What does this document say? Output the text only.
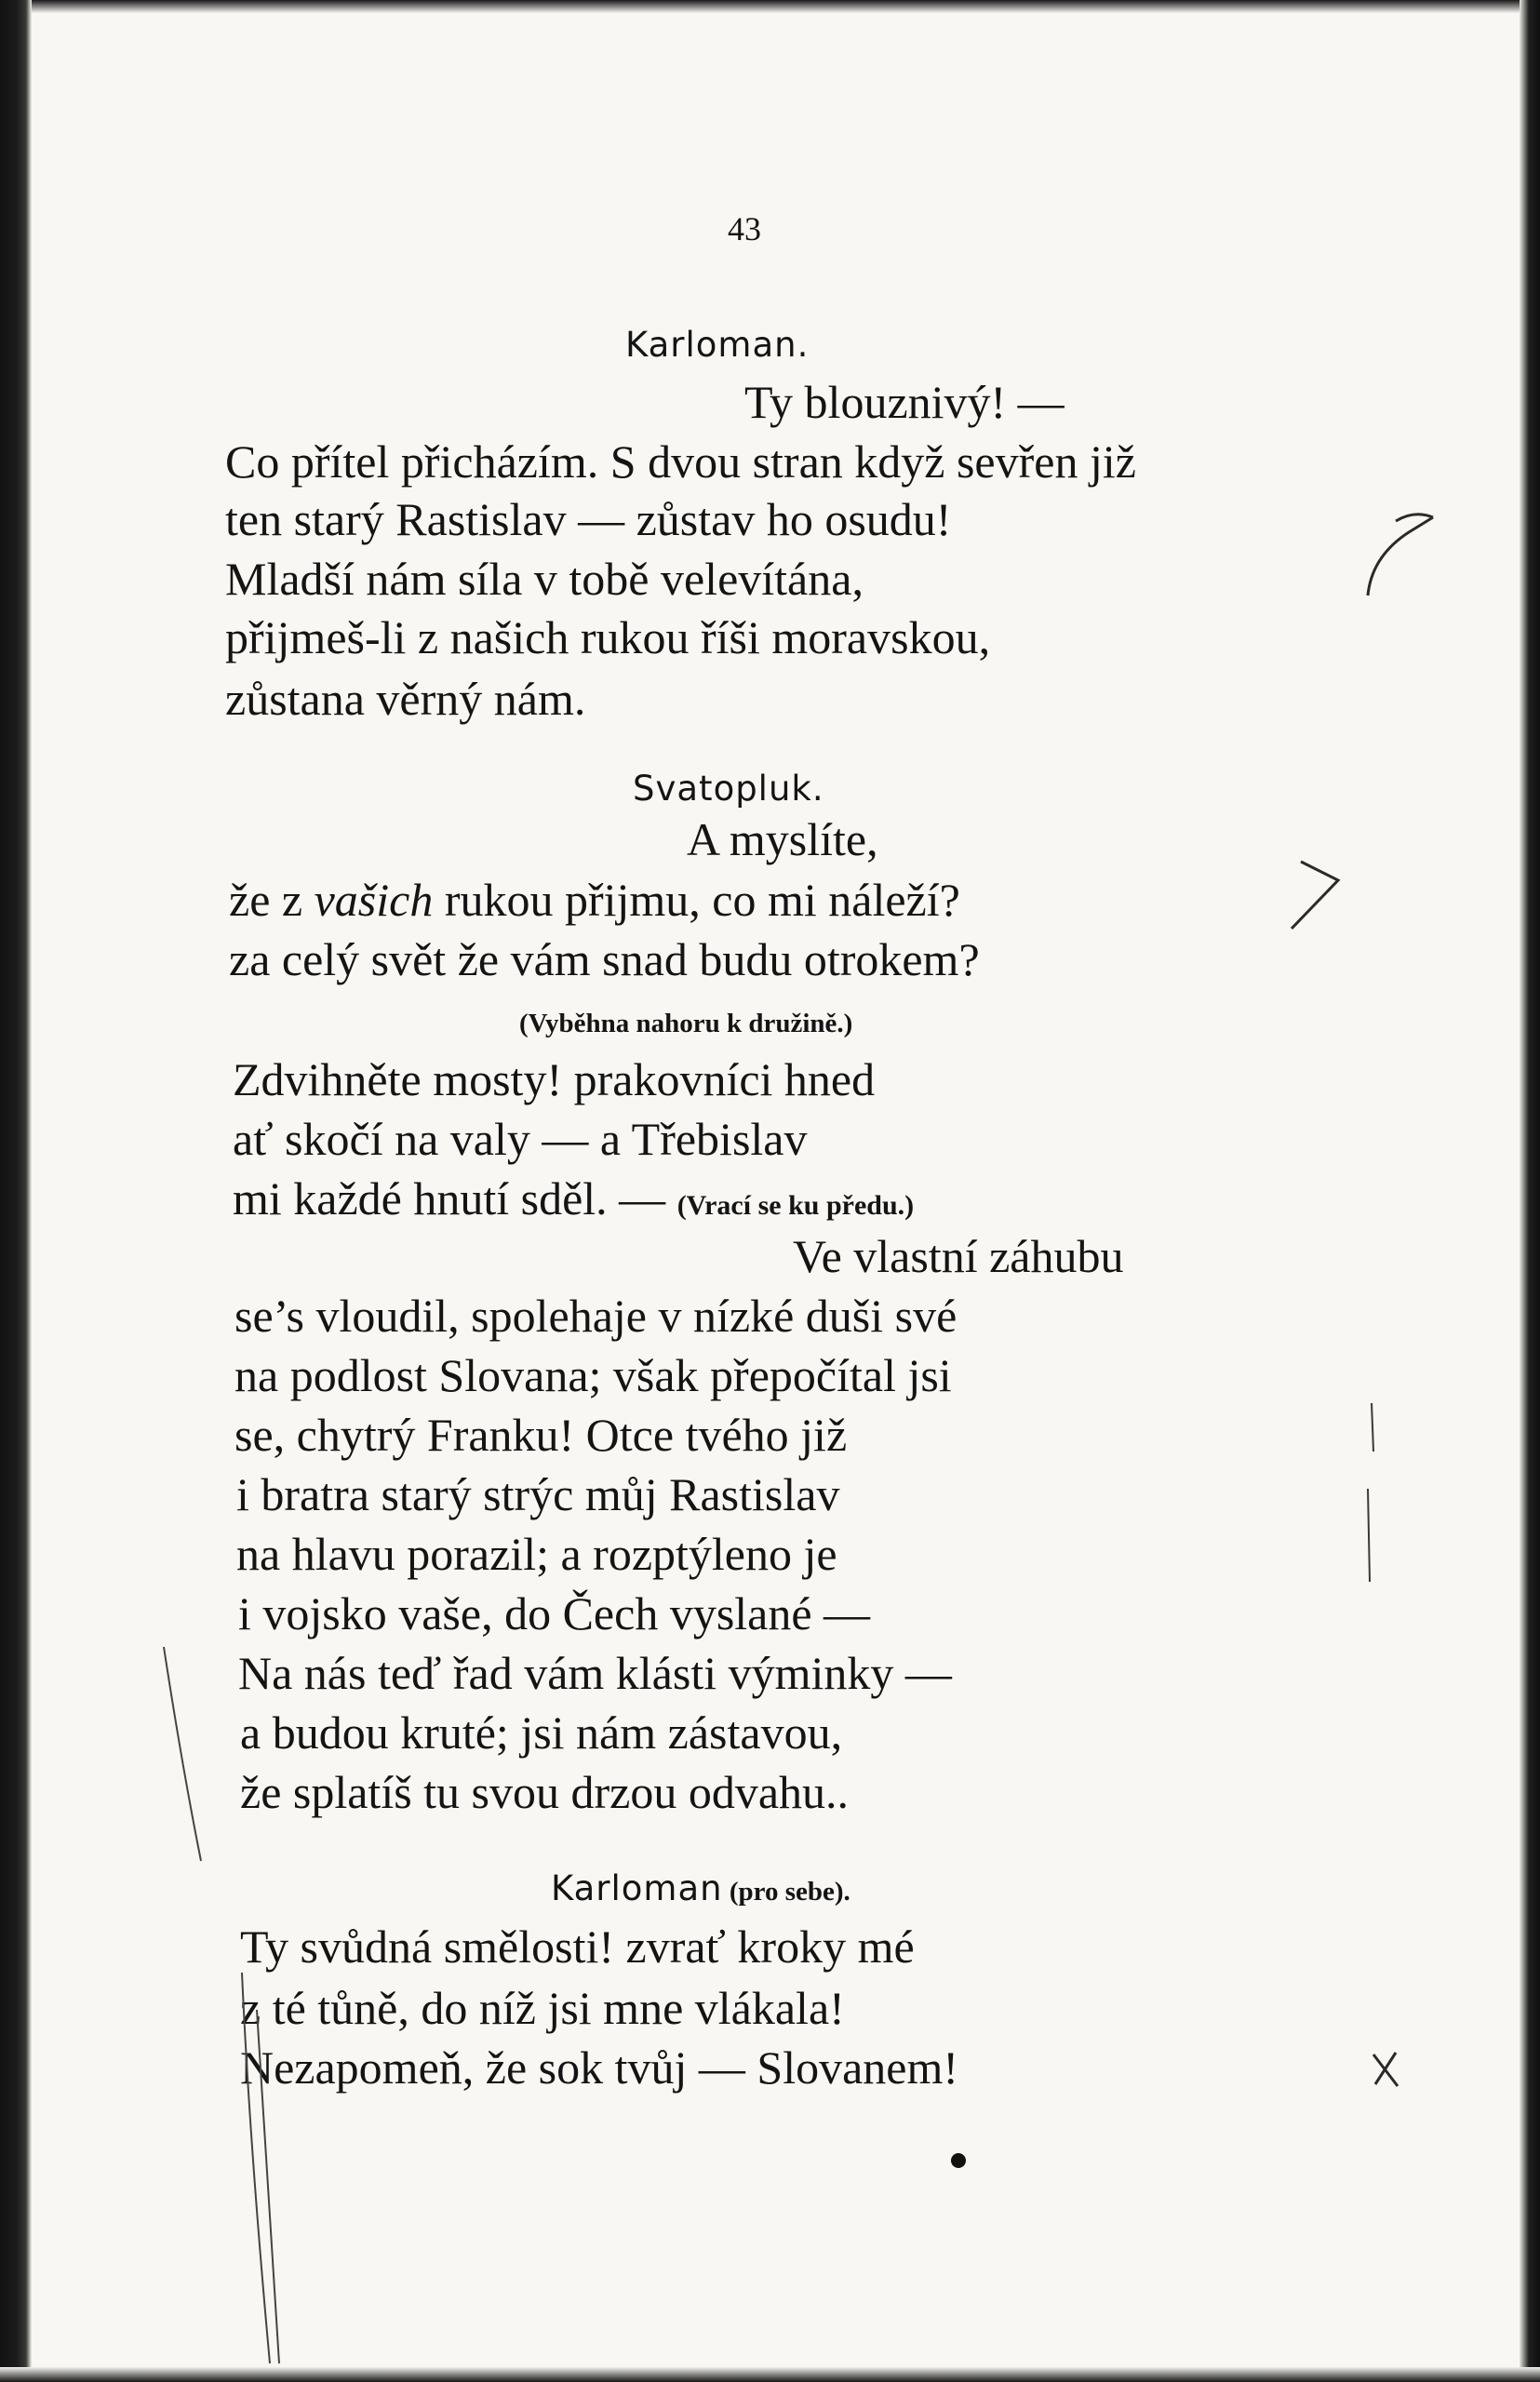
43
Karloman.
Ty blouznivý! —
Co přítel přicházím. S dvou stran když sevřen již
ten starý Rastislav — zůstav ho osudu!
Mladší nám síla v tobě velevítána,
přijmeš-li z našich rukou říši moravskou,
zůstana věrný nám.
Svatopluk.
A myslíte,
že z vašich rukou přijmu, co mi náleží?
za celý svět že vám snad budu otrokem?
(Vyběhna nahoru k družině.)
Zdvihněte mosty! prakovníci hned
ať skočí na valy — a Třebislav
mi každé hnutí sděl. — (Vrací se ku předu.)
Ve vlastní záhubu
se’s vloudil, spolehaje v nízké duši své
na podlost Slovana; však přepočítal jsi
se, chytrý Franku! Otce tvého již
i bratra starý strýc můj Rastislav
na hlavu porazil; a rozptýleno je
i vojsko vaše, do Čech vyslané —
Na nás teď řad vám klásti výminky —
a budou kruté; jsi nám zástavou,
že splatíš tu svou drzou odvahu..
Karloman (pro sebe).
Ty svůdná smělosti! zvrať kroky mé
z té tůně, do níž jsi mne vlákala!
Nezapomeň, že sok tvůj — Slovanem!
